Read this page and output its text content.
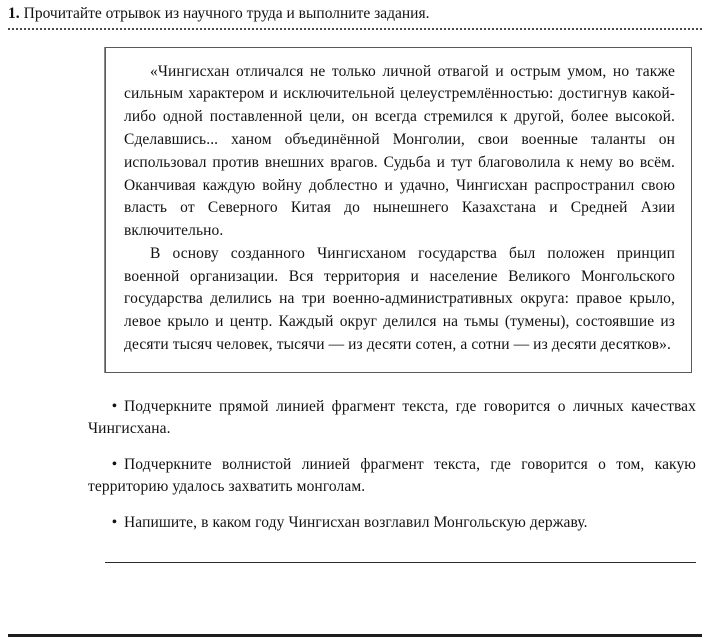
1. Прочитайте отрывок из научного труда и выполните задания.

«Чингисхан отличался не только личной отвагой и острым умом, но также сильным характером и исключительной целеустремлённостью: достигнув какой-либо одной поставленной цели, он всегда стремился к другой, более высокой. Сделавшись... ханом объединённой Монголии, свои военные таланты он использовал против внешних врагов. Судьба и тут благоволила к нему во всём. Оканчивая каждую войну доблестно и удачно, Чингисхан распространил свою власть от Северного Китая до нынешнего Казахстана и Средней Азии включительно.

В основу созданного Чингисханом государства был положен принцип военной организации. Вся территория и население Великого Монгольского государства делились на три военно-административных округа: правое крыло, левое крыло и центр. Каждый округ делился на тьмы (тумены), состоявшие из десяти тысяч человек, тысячи — из десяти сотен, а сотни — из десяти десятков».

• Подчеркните прямой линией фрагмент текста, где говорится о личных качествах Чингисхана.

• Подчеркните волнистой линией фрагмент текста, где говорится о том, какую территорию удалось захватить монголам.

• Напишите, в каком году Чингисхан возглавил Монгольскую державу.
